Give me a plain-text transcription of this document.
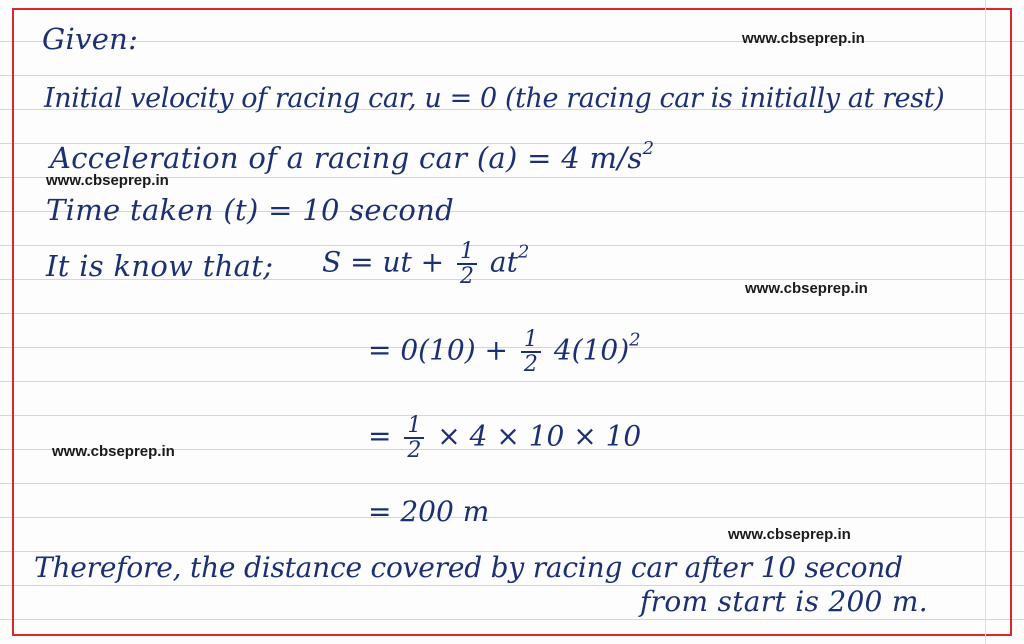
www.cbseprep.in
www.cbseprep.in
www.cbseprep.in
www.cbseprep.in
www.cbseprep.in
Given:
Initial velocity of racing car, u = 0 (the racing car is initially at rest)
Acceleration of a racing car (a) = 4 $m/s^2$
Time taken (t) = 10 second
It is know that; S = ut + $\frac{1}{2} at^2$
= $0(10) + \frac{1}{2} 4(10)^2$
= $\frac{1}{2} \times 4 \times 10 \times 10$
= 200 m
Therefore, the distance covered by racing car after 10 second
from start is 200 m.
